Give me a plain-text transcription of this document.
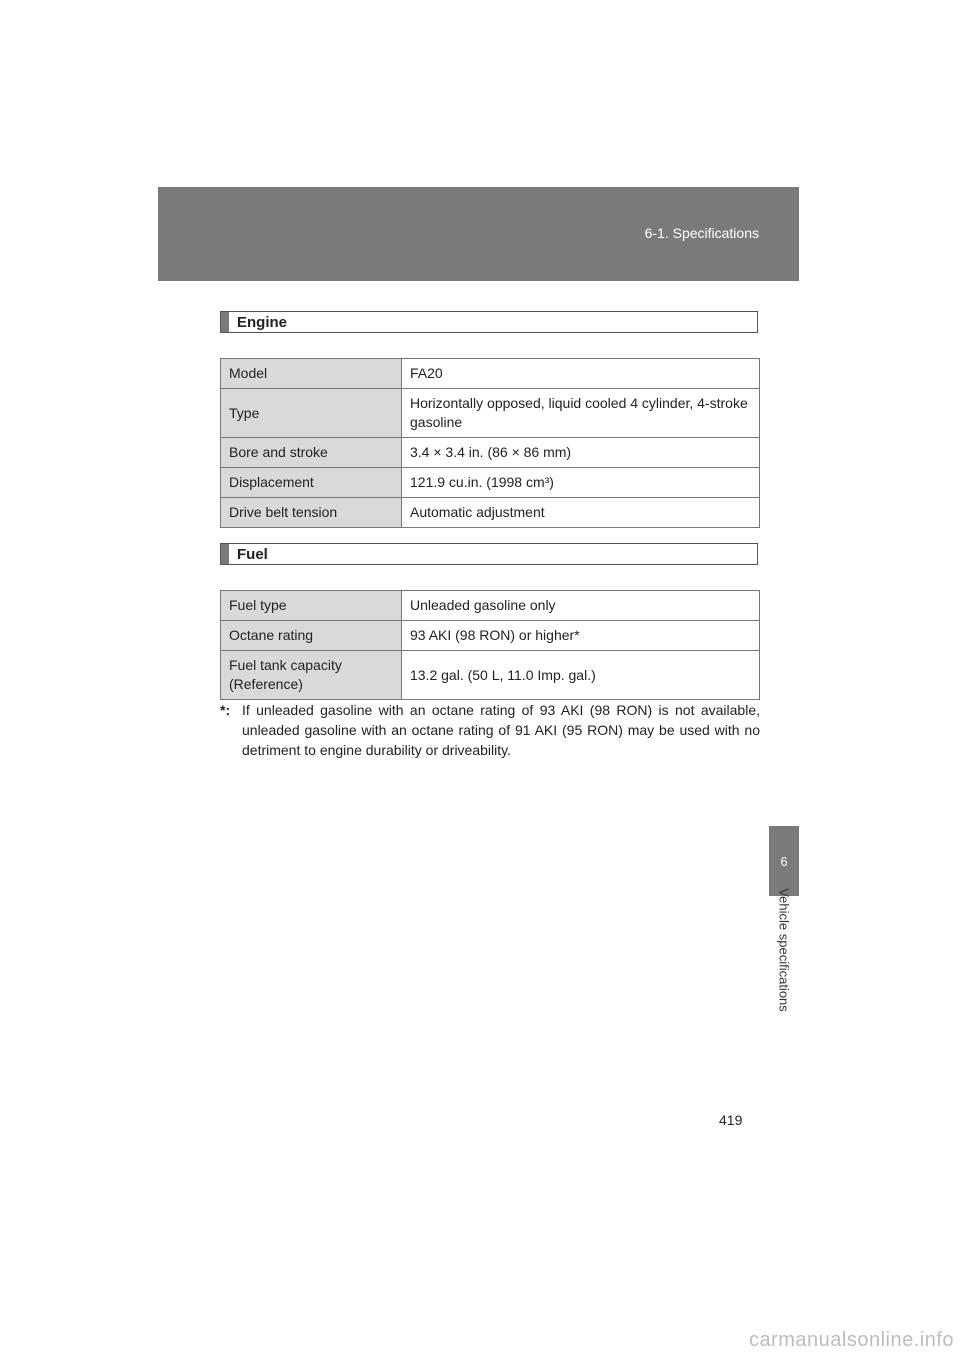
6-1. Specifications
6
Vehicle specifications
Engine
Model	FA20
Type	Horizontally opposed, liquid cooled 4 cylinder, 4-stroke gasoline
Bore and stroke	3.4 × 3.4 in. (86 × 86 mm)
Displacement	121.9 cu.in. (1998 cm³)
Drive belt tension	Automatic adjustment
Fuel
Fuel type	Unleaded gasoline only
Octane rating	93 AKI (98 RON) or higher*
Fuel tank capacity (Reference)	13.2 gal. (50 L, 11.0 Imp. gal.)
*: If unleaded gasoline with an octane rating of 93 AKI (98 RON) is not available, unleaded gasoline with an octane rating of 91 AKI (95 RON) may be used with no detriment to engine durability or driveability.
419
carmanualsonline.info
